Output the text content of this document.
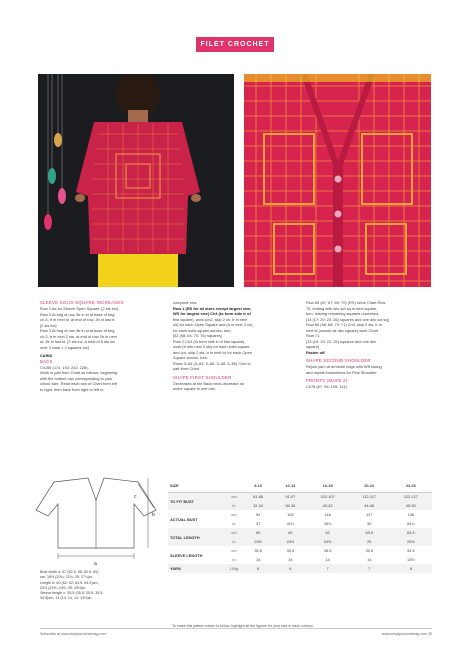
FILET CROCHET
SLEEVE SOLID SQUARE INCREASES
Row 1 As for Sleeve Open Square. [2 sts inc]
Row 2 At beg of row 3tr in st at base of beg
ch-3, tr in next st, at end of row, 2tr in last tr.
[2 sts inc]
Row 3 At beg of row 3tr in st at base of beg
ch-3, tr in next 2 sts, at end of row 2tr in next
st, 2tr in last st. [2 sts inc. A total of 6 sts inc
over 3 rows = 2 squares inc]
CARDI
BACK
Ch156 (174: 192: 210: 228).
Work in patt from Chart as follows, beginning
with the bottom row corresponding to your
colour size. Read each row of Chart from left
to right, then back from right to left to
complete row.
Row 1 (RS for all sizes except largest size;
WS for largest size) Ch3 (to form side tr of
first square), work (ch2, skip 2 ch, tr in next
ch) for each Open Square and (tr in next 3 ch)
for each solid square across, turn.
[52 (58: 64: 70: 76) squares]
Row 2 Ch3 (to form side tr of first square),
work (tr into next 3 sts) for each solid square
and (ch, skip 2 sts, tr in next tr) for each Open
Square across, turn.
Rows 3–64 (3–64: 3–66: 3–68: 3–69) Cont in
patt from Chart.
SHAPE FIRST SHOULDER
Decreases at the Back neck decrease an
entire square in one row.
Row 65 (67: 67: 69: 70) (RS) Work Chart Row
70, ending with dec sol sq in next square,
turn, leaving remaining squares unworked.
[14 (17: 20: 23: 26) squares and one dec sol sq]
Row 66 (68: 68: 70: 71) Ch4, skip 2 sts, tr in
next st (counts as dec square),work Chart
Row 71.
[13 (16: 19: 22: 25) squares and one dec
square]
Fasten off.
SHAPE SECOND SHOULDER
Rejoin yarn at armhole edge with WS facing
and repeat instructions for First Shoulder.
FRONTS (MAKE 2)
Ch78 (87: 96: 105: 114).
a
b
c
Bust width a: 47 (52.5: 58: 63.5: 69)
cm, 18½ (20¾: 22¾: 25: 27¼)in
Length b: 60 (62: 62: 63.5: 64.5)cm,
23½ (24½: 24½: 25: 25½)in
Sleeve length c: 35.5 (35.5: 35.5: 35.5:
34.5)cm, 14 (14: 14, 14: 13½)in
SIZE		8-10	12-14	16-18	20-22	24-26
TO FIT BUST	cm	81-86	91-97	102-107	112-117	122-127
	in	32-34	36-38	40-42	44-46	48-50
ACTUAL BUST	cm	94	105	116	127	138
	in	37	41¼	45¾	50	54¼
TOTAL LENGTH	cm	60	62	62	63.5	64.5
	in	23½	24½	24½	25	25½
SLEEVE LENGTH	cm	35.5	35.5	35.5	35.5	34.5
	in	14	14	14	14	13½
YARN	100g	6	6	7	7	8
To make this pattern easier to follow, highlight all the figures for your size in each column.
Subscribe at www.simplycrochetmag.com	www.simplycrochetmag.com 25
